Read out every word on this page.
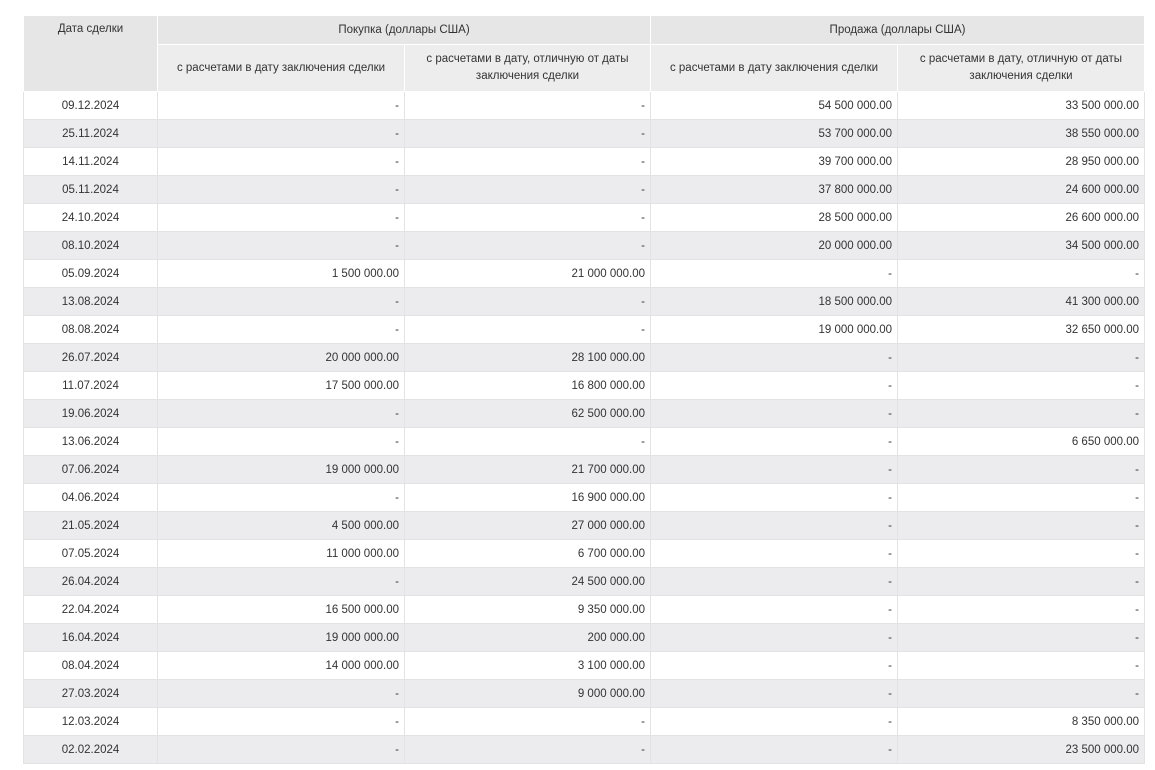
Дата сделки	Покупка (доллары США)		Продажа (доллары США)	
	с расчетами в дату заключения сделки	с расчетами в дату, отличную от даты заключения сделки	с расчетами в дату заключения сделки	с расчетами в дату, отличную от даты заключения сделки
09.12.2024	-	-	54 500 000.00	33 500 000.00
25.11.2024	-	-	53 700 000.00	38 550 000.00
14.11.2024	-	-	39 700 000.00	28 950 000.00
05.11.2024	-	-	37 800 000.00	24 600 000.00
24.10.2024	-	-	28 500 000.00	26 600 000.00
08.10.2024	-	-	20 000 000.00	34 500 000.00
05.09.2024	1 500 000.00	21 000 000.00	-	-
13.08.2024	-	-	18 500 000.00	41 300 000.00
08.08.2024	-	-	19 000 000.00	32 650 000.00
26.07.2024	20 000 000.00	28 100 000.00	-	-
11.07.2024	17 500 000.00	16 800 000.00	-	-
19.06.2024	-	62 500 000.00	-	-
13.06.2024	-	-	-	6 650 000.00
07.06.2024	19 000 000.00	21 700 000.00	-	-
04.06.2024	-	16 900 000.00	-	-
21.05.2024	4 500 000.00	27 000 000.00	-	-
07.05.2024	11 000 000.00	6 700 000.00	-	-
26.04.2024	-	24 500 000.00	-	-
22.04.2024	16 500 000.00	9 350 000.00	-	-
16.04.2024	19 000 000.00	200 000.00	-	-
08.04.2024	14 000 000.00	3 100 000.00	-	-
27.03.2024	-	9 000 000.00	-	-
12.03.2024	-	-	-	8 350 000.00
02.02.2024	-	-	-	23 500 000.00
